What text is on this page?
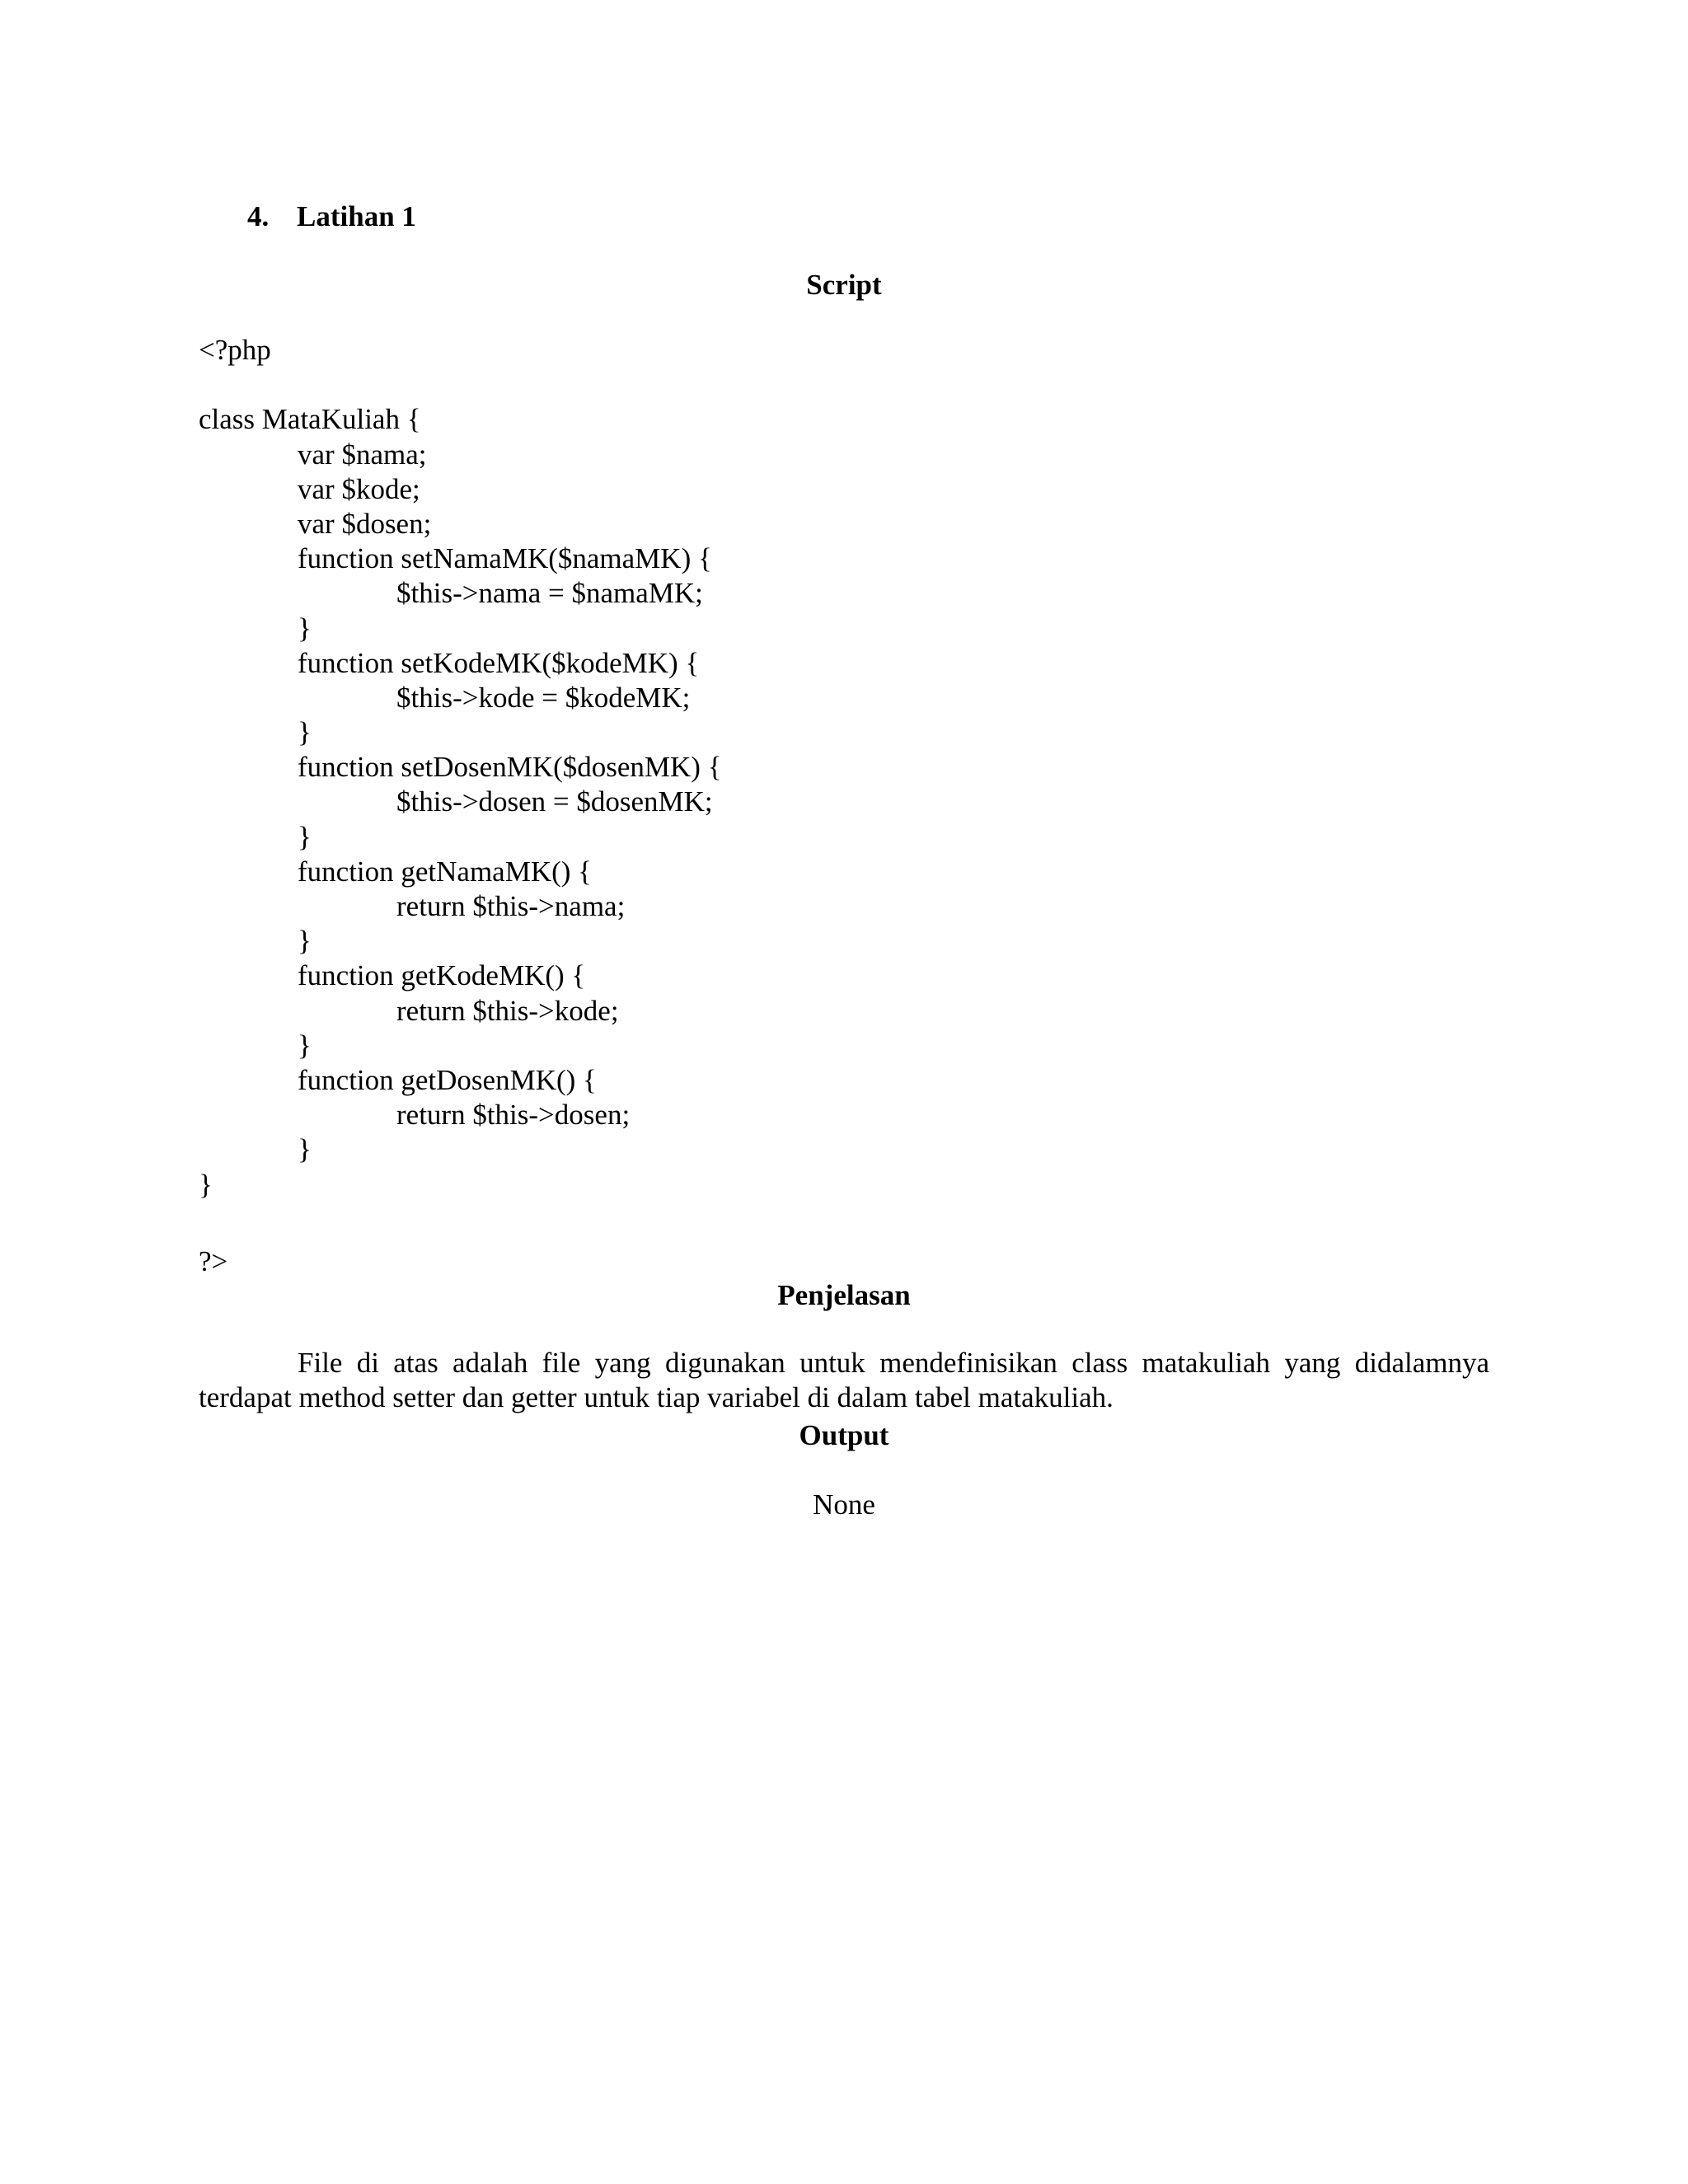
4. Latihan 1
Script
<?php
class MataKuliah {
var $nama;
var $kode;
var $dosen;
function setNamaMK($namaMK) {
$this->nama = $namaMK;
}
function setKodeMK($kodeMK) {
$this->kode = $kodeMK;
}
function setDosenMK($dosenMK) {
$this->dosen = $dosenMK;
}
function getNamaMK() {
return $this->nama;
}
function getKodeMK() {
return $this->kode;
}
function getDosenMK() {
return $this->dosen;
}
}
?>
Penjelasan
File di atas adalah file yang digunakan untuk mendefinisikan class matakuliah yang didalamnya terdapat method setter dan getter untuk tiap variabel di dalam tabel matakuliah.
Output
None
